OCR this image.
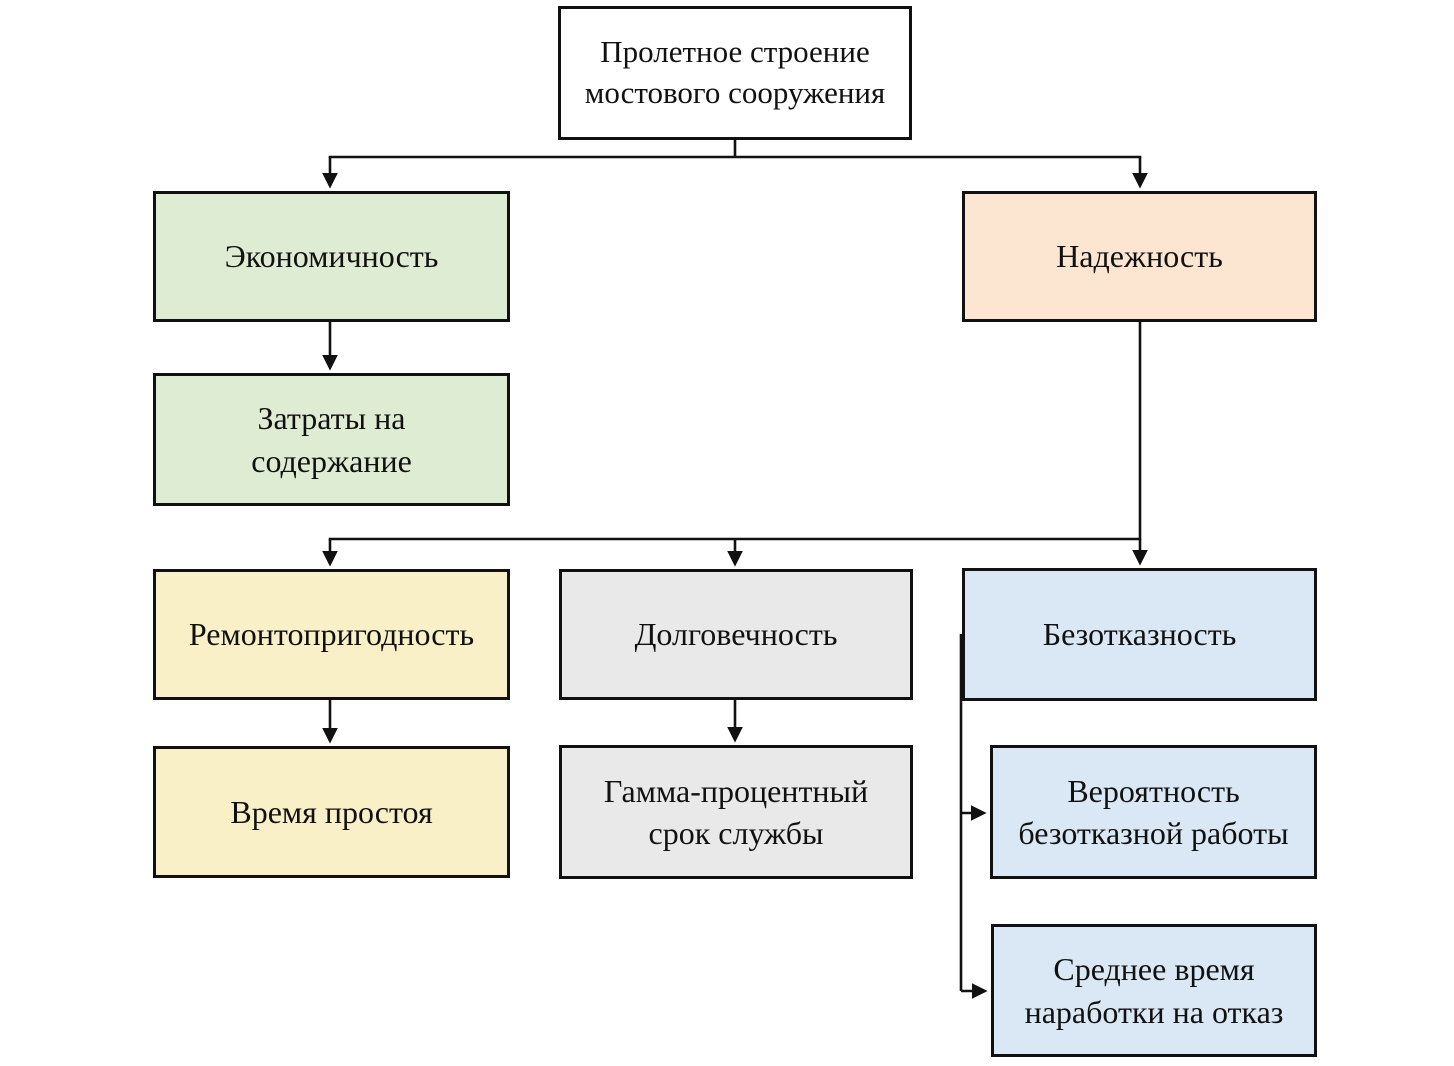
Пролетное строение мостового сооружения
Экономичность	Надежность
Затраты на содержание
Ремонтопригодность	Долговечность	Безотказность
Время простоя
Гамма-процентный срок службы
Вероятность безотказной работы
Среднее время наработки на отказ
